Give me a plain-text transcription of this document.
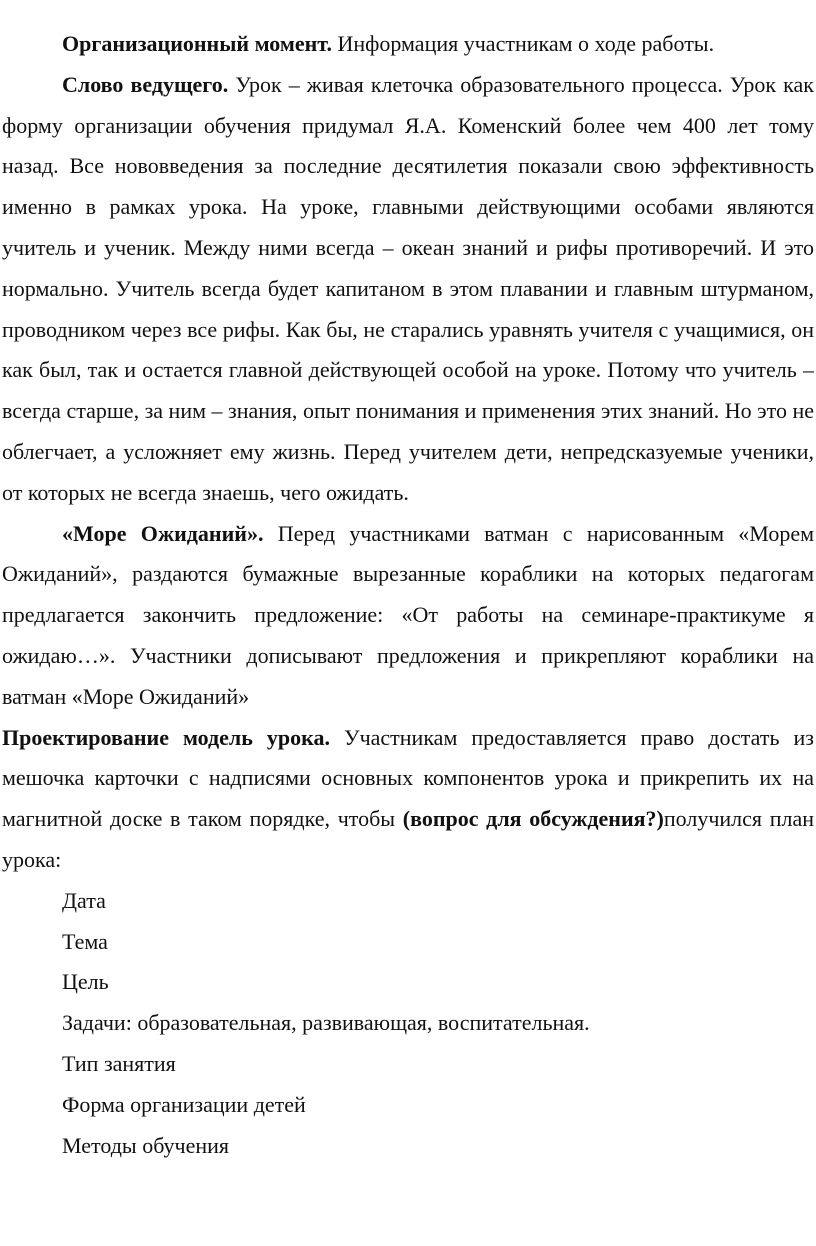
Организационный момент. Информация участникам о ходе работы.

Слово ведущего. Урок – живая клеточка образовательного процесса. Урок как форму организации обучения придумал Я.А. Коменский более чем 400 лет тому назад. Все нововведения за последние десятилетия показали свою эффективность именно в рамках урока. На уроке, главными действующими особами являются учитель и ученик. Между ними всегда – океан знаний и рифы противоречий. И это нормально. Учитель всегда будет капитаном в этом плавании и главным штурманом, проводником через все рифы. Как бы, не старались уравнять учителя с учащимися, он как был, так и остается главной действующей особой на уроке. Потому что учитель – всегда старше, за ним – знания, опыт понимания и применения этих знаний. Но это не облегчает, а усложняет ему жизнь. Перед учителем дети, непредсказуемые ученики, от которых не всегда знаешь, чего ожидать.

«Море Ожиданий». Перед участниками ватман с нарисованным «Морем Ожиданий», раздаются бумажные вырезанные кораблики на которых педагогам предлагается закончить предложение: «От работы на семинаре-практикуме я ожидаю…». Участники дописывают предложения и прикрепляют кораблики на ватман «Море Ожиданий»

Проектирование модель урока. Участникам предоставляется право достать из мешочка карточки с надписями основных компонентов урока и прикрепить их на магнитной доске в таком порядке, чтобы (вопрос для обсуждения?)получился план урока:

Дата
Тема
Цель
Задачи: образовательная, развивающая, воспитательная.
Тип занятия
Форма организации детей
Методы обучения
